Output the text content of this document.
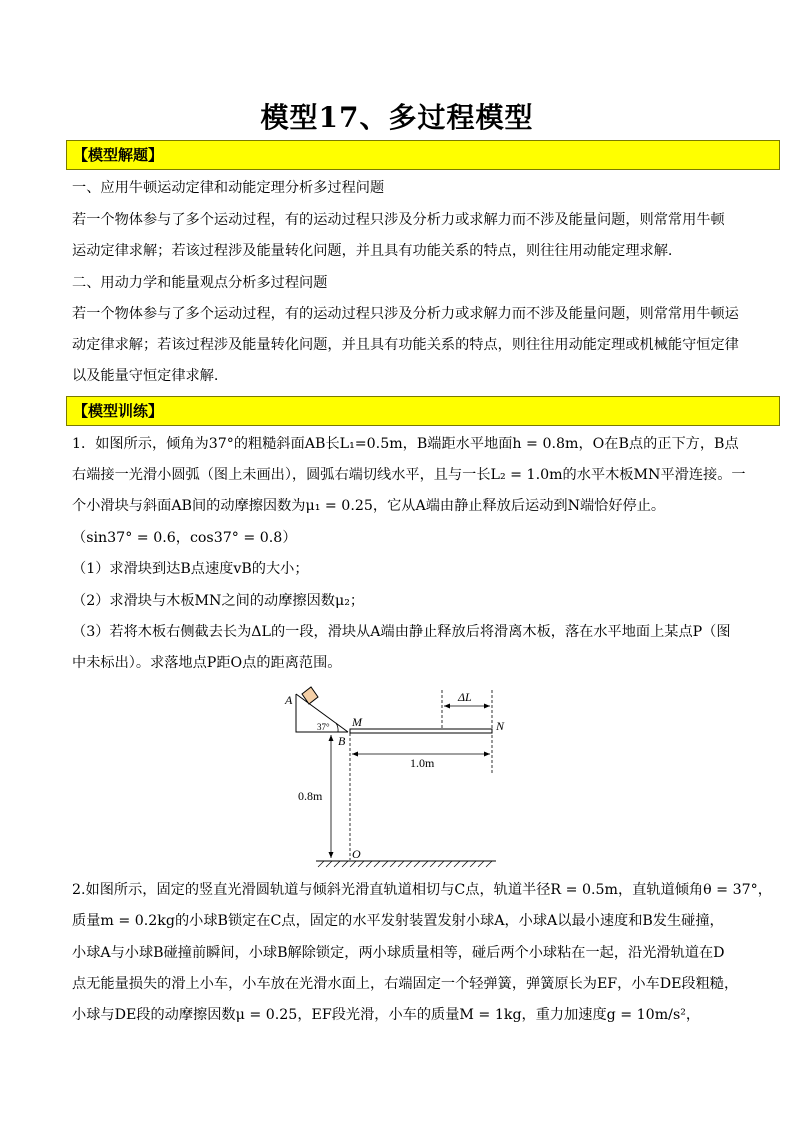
模型17、多过程模型
【模型解题】
一、应用牛顿运动定律和动能定理分析多过程问题
若一个物体参与了多个运动过程，有的运动过程只涉及分析力或求解力而不涉及能量问题，则常常用牛顿
运动定律求解；若该过程涉及能量转化问题，并且具有功能关系的特点，则往往用动能定理求解.
二、用动力学和能量观点分析多过程问题
若一个物体参与了多个运动过程，有的运动过程只涉及分析力或求解力而不涉及能量问题，则常常用牛顿运
动定律求解；若该过程涉及能量转化问题，并且具有功能关系的特点，则往往用动能定理或机械能守恒定律
以及能量守恒定律求解.
【模型训练】
1．如图所示，倾角为37°的粗糙斜面AB长L₁=0.5m，B端距水平地面h = 0.8m，O在B点的正下方，B点
右端接一光滑小圆弧（图上未画出），圆弧右端切线水平，且与一长L₂ = 1.0m的水平木板MN平滑连接。一
个小滑块与斜面AB间的动摩擦因数为μ₁ = 0.25，它从A端由静止释放后运动到N端恰好停止。
（sin37° = 0.6，cos37° = 0.8）
（1）求滑块到达B点速度vB的大小；
（2）求滑块与木板MN之间的动摩擦因数μ₂；
（3）若将木板右侧截去长为ΔL的一段，滑块从A端由静止释放后将滑离木板，落在水平地面上某点P（图
中未标出）。求落地点P距O点的距离范围。
A
M
B
N
O
37°
ΔL
1.0m
0.8m
2.如图所示，固定的竖直光滑圆轨道与倾斜光滑直轨道相切与C点，轨道半径R = 0.5m，直轨道倾角θ = 37°，
质量m = 0.2kg的小球B锁定在C点，固定的水平发射装置发射小球A，小球A以最小速度和B发生碰撞，
小球A与小球B碰撞前瞬间，小球B解除锁定，两小球质量相等，碰后两个小球粘在一起，沿光滑轨道在D
点无能量损失的滑上小车，小车放在光滑水面上，右端固定一个轻弹簧，弹簧原长为EF，小车DE段粗糙，
小球与DE段的动摩擦因数μ = 0.25，EF段光滑，小车的质量M = 1kg，重力加速度g = 10m/s²，
